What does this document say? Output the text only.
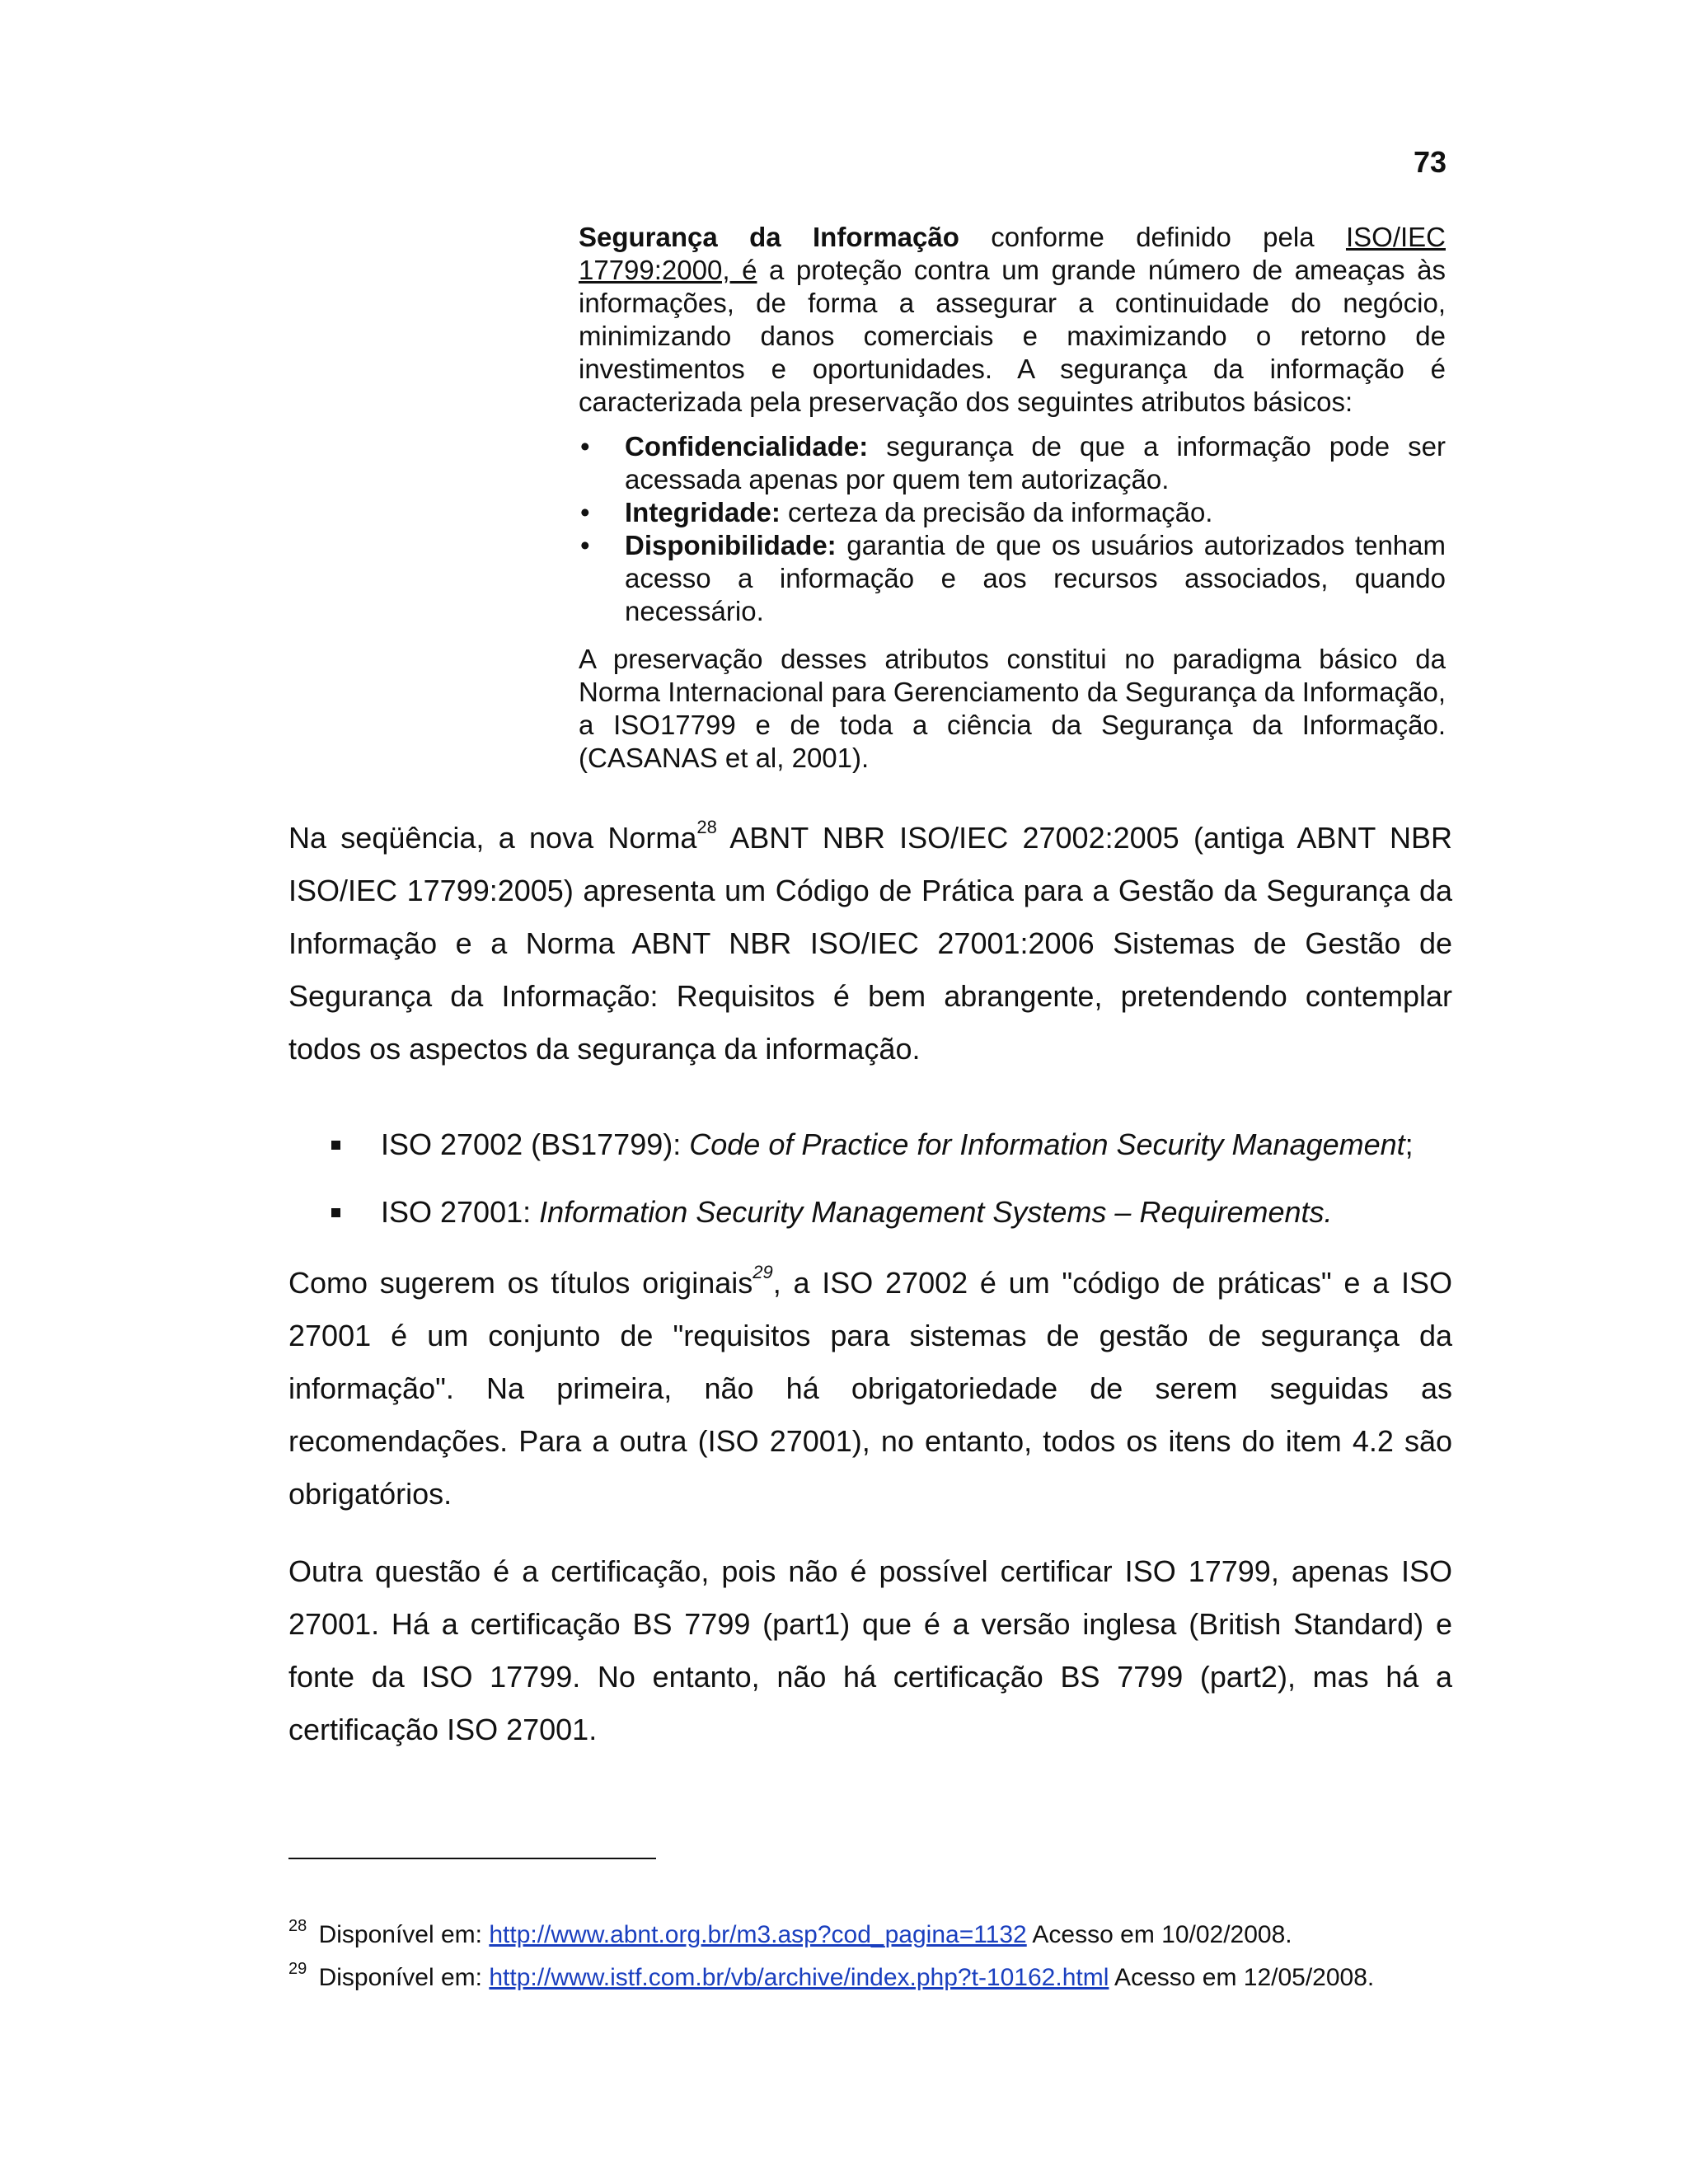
73

Segurança da Informação conforme definido pela ISO/IEC 17799:2000, é a proteção contra um grande número de ameaças às informações, de forma a assegurar a continuidade do negócio, minimizando danos comerciais e maximizando o retorno de investimentos e oportunidades. A segurança da informação é caracterizada pela preservação dos seguintes atributos básicos:

• Confidencialidade: segurança de que a informação pode ser acessada apenas por quem tem autorização.
• Integridade: certeza da precisão da informação.
• Disponibilidade: garantia de que os usuários autorizados tenham acesso a informação e aos recursos associados, quando necessário.

A preservação desses atributos constitui no paradigma básico da Norma Internacional para Gerenciamento da Segurança da Informação, a ISO17799 e de toda a ciência da Segurança da Informação. (CASANAS et al, 2001).

Na seqüência, a nova Norma$^{28}$ ABNT NBR ISO/IEC 27002:2005 (antiga ABNT NBR ISO/IEC 17799:2005) apresenta um Código de Prática para a Gestão da Segurança da Informação e a Norma ABNT NBR ISO/IEC 27001:2006 Sistemas de Gestão de Segurança da Informação: Requisitos é bem abrangente, pretendendo contemplar todos os aspectos da segurança da informação.

ISO 27002 (BS17799): Code of Practice for Information Security Management;
ISO 27001: Information Security Management Systems – Requirements.

Como sugerem os títulos originais$^{29}$, a ISO 27002 é um "código de práticas" e a ISO 27001 é um conjunto de "requisitos para sistemas de gestão de segurança da informação". Na primeira, não há obrigatoriedade de serem seguidas as recomendações. Para a outra (ISO 27001), no entanto, todos os itens do item 4.2 são obrigatórios.

Outra questão é a certificação, pois não é possível certificar ISO 17799, apenas ISO 27001. Há a certificação BS 7799 (part1) que é a versão inglesa (British Standard) e fonte da ISO 17799. No entanto, não há certificação BS 7799 (part2), mas há a certificação ISO 27001.

$^{28}$ Disponível em: http://www.abnt.org.br/m3.asp?cod_pagina=1132 Acesso em 10/02/2008.

$^{29}$ Disponível em: http://www.istf.com.br/vb/archive/index.php?t-10162.html Acesso em 12/05/2008.
